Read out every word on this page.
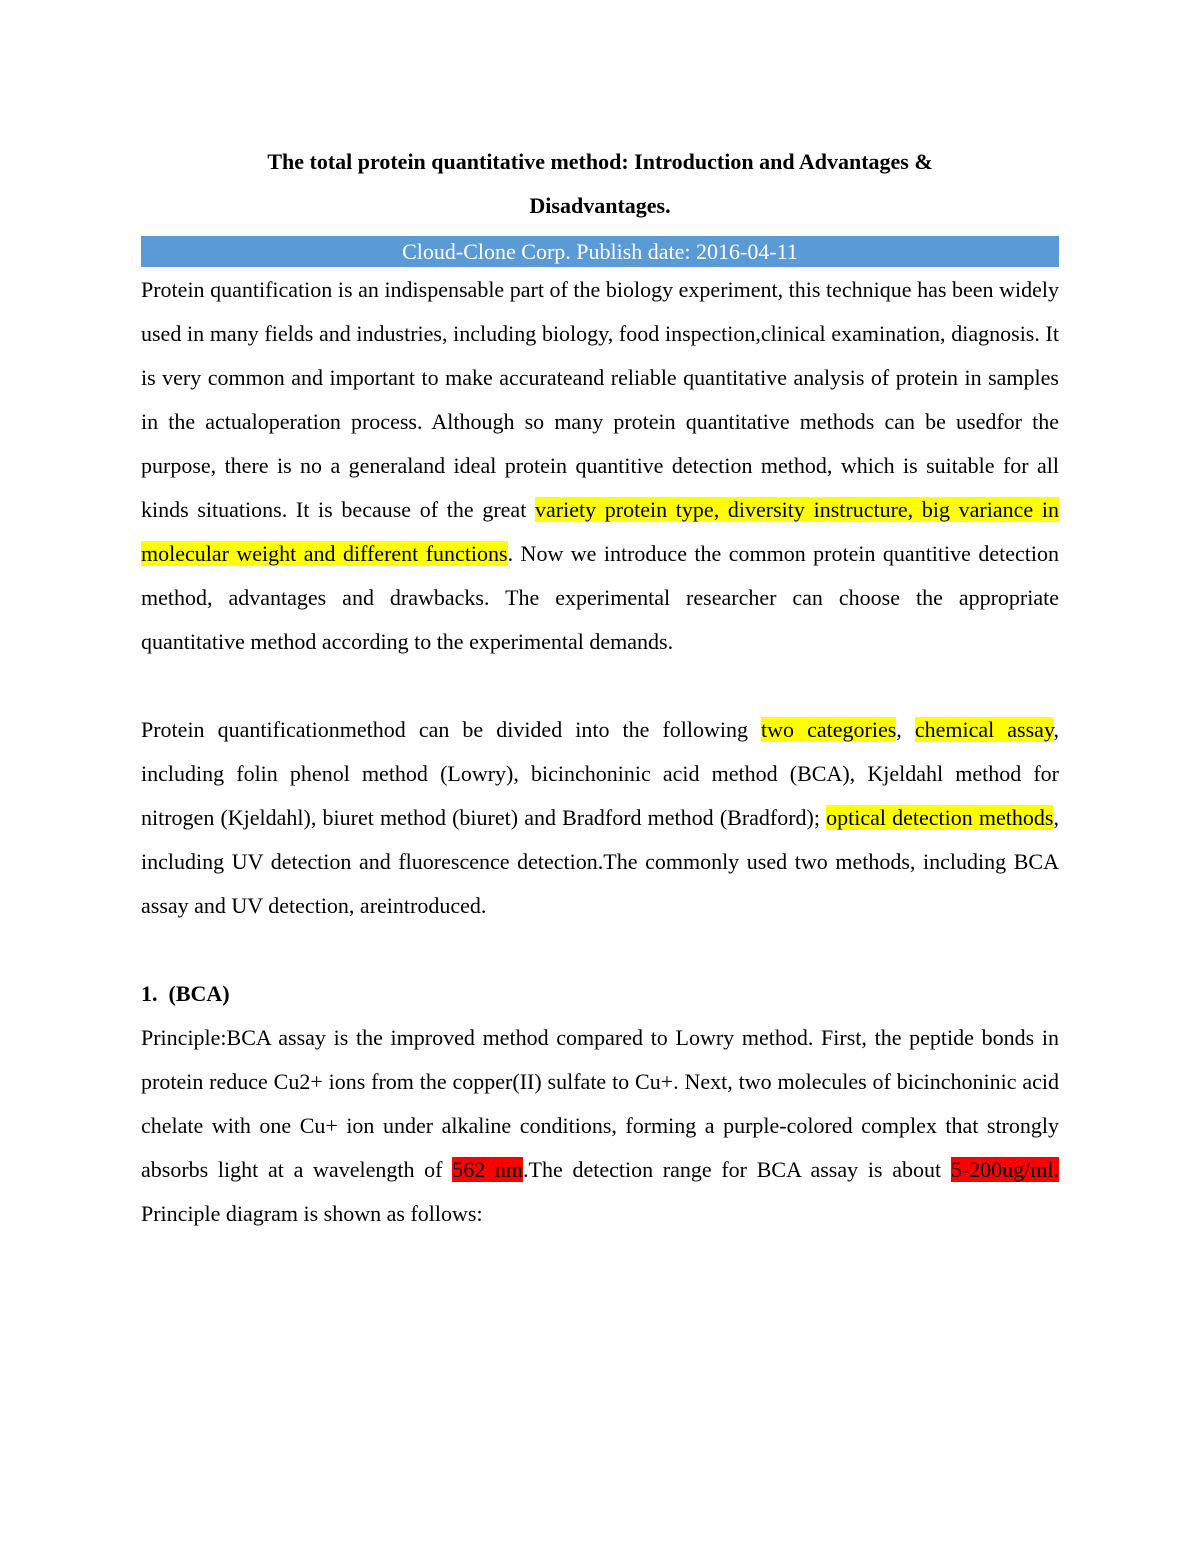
The total protein quantitative method: Introduction and Advantages &
Disadvantages.

Cloud-Clone Corp. Publish date: 2016-04-11

Protein quantification is an indispensable part of the biology experiment, this technique has been widely used in many fields and industries, including biology, food inspection,clinical examination, diagnosis. It is very common and important to make accurateand reliable quantitative analysis of protein in samples in the actualoperation process. Although so many protein quantitative methods can be usedfor the purpose, there is no a generaland ideal protein quantitive detection method, which is suitable for all kinds situations. It is because of the great variety protein type, diversity instructure, big variance in molecular weight and different functions. Now we introduce the common protein quantitive detection method, advantages and drawbacks. The experimental researcher can choose the appropriate quantitative method according to the experimental demands.

Protein quantificationmethod can be divided into the following two categories, chemical assay, including folin phenol method (Lowry), bicinchoninic acid method (BCA), Kjeldahl method for nitrogen (Kjeldahl), biuret method (biuret) and Bradford method (Bradford); optical detection methods, including UV detection and fluorescence detection.The commonly used two methods, including BCA assay and UV detection, areintroduced.

1. (BCA)

Principle:BCA assay is the improved method compared to Lowry method. First, the peptide bonds in protein reduce Cu2+ ions from the copper(II) sulfate to Cu+. Next, two molecules of bicinchoninic acid chelate with one Cu+ ion under alkaline conditions, forming a purple-colored complex that strongly absorbs light at a wavelength of 562 nm.The detection range for BCA assay is about 5-200ug/ml. Principle diagram is shown as follows:
